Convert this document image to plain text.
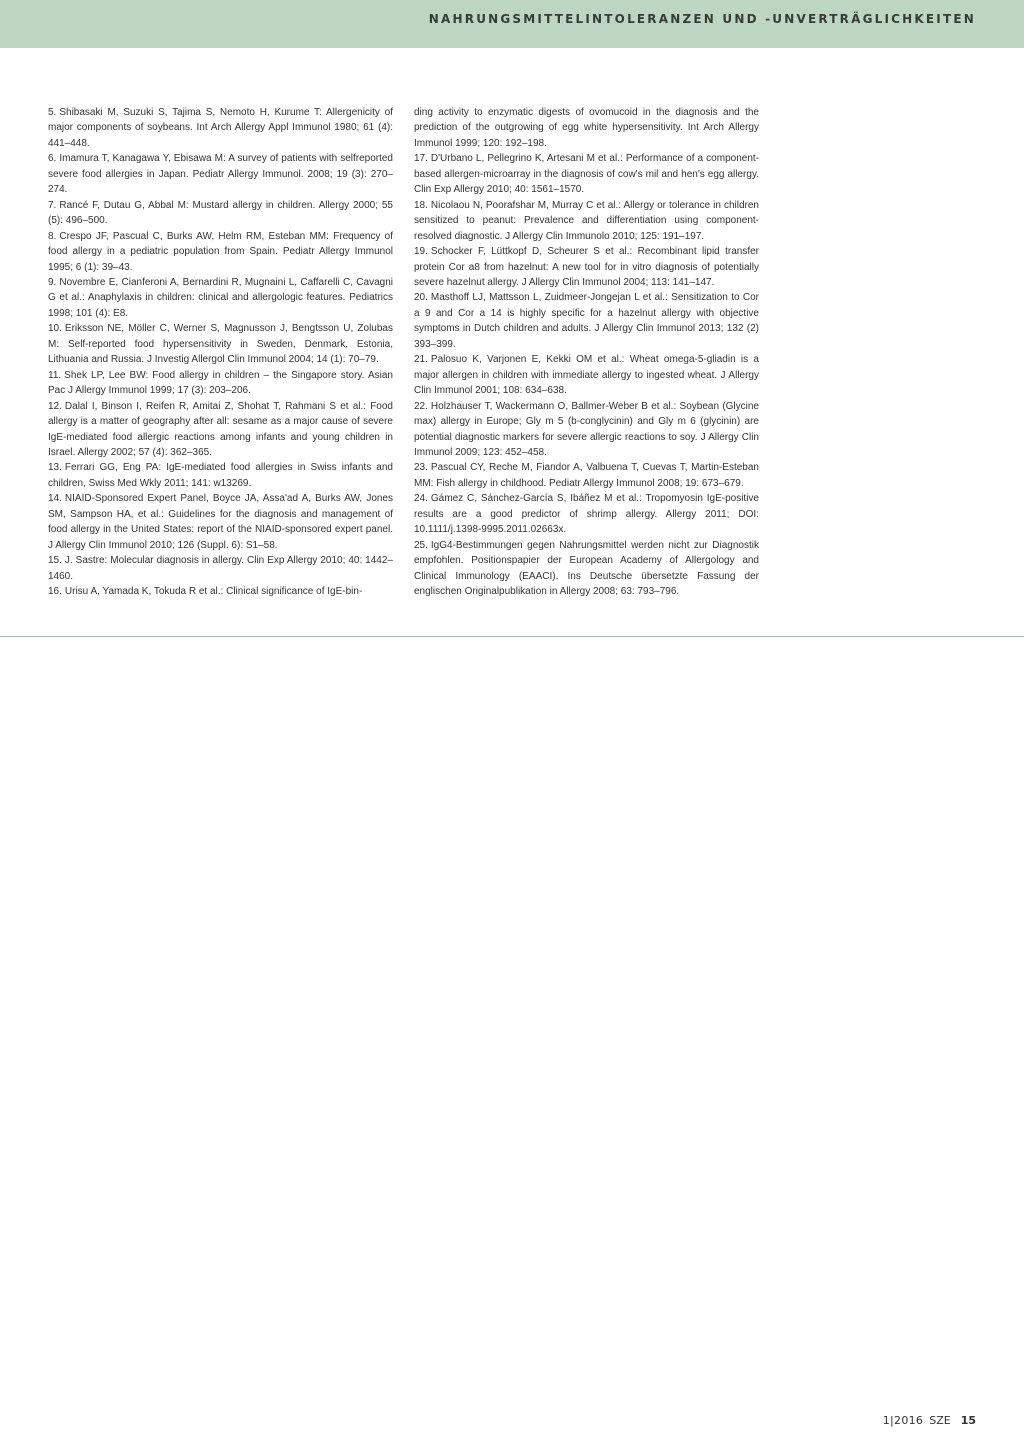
NAHRUNGSMITTELINTOLERANZEN UND -UNVERTRÄGLICHKEITEN

5. Shibasaki M, Suzuki S, Tajima S, Nemoto H, Kurume T: Allergenicity of major components of soybeans. Int Arch Allergy Appl Immunol 1980; 61 (4): 441–448.

6. Imamura T, Kanagawa Y, Ebisawa M: A survey of patients with selfreported severe food allergies in Japan. Pediatr Allergy Immunol. 2008; 19 (3): 270–274.

7. Rancé F, Dutau G, Abbal M: Mustard allergy in children. Allergy 2000; 55 (5): 496–500.

8. Crespo JF, Pascual C, Burks AW, Helm RM, Esteban MM: Frequency of food allergy in a pediatric population from Spain. Pediatr Allergy Immunol 1995; 6 (1): 39–43.

9. Novembre E, Cianferoni A, Bernardini R, Mugnaini L, Caffarelli C, Cavagni G et al.: Anaphylaxis in children: clinical and allergologic features. Pediatrics 1998; 101 (4): E8.

10. Eriksson NE, Möller C, Werner S, Magnusson J, Bengtsson U, Zolubas M: Self-reported food hypersensitivity in Sweden, Denmark, Estonia, Lithuania and Russia. J Investig Allergol Clin Immunol 2004; 14 (1): 70–79.

11. Shek LP, Lee BW: Food allergy in children – the Singapore story. Asian Pac J Allergy Immunol 1999; 17 (3): 203–206.

12. Dalal I, Binson I, Reifen R, Amitai Z, Shohat T, Rahmani S et al.: Food allergy is a matter of geography after all: sesame as a major cause of severe IgE-mediated food allergic reactions among infants and young children in Israel. Allergy 2002; 57 (4): 362–365.

13. Ferrari GG, Eng PA: IgE-mediated food allergies in Swiss infants and children, Swiss Med Wkly 2011; 141: w13269.

14. NIAID-Sponsored Expert Panel, Boyce JA, Assa'ad A, Burks AW, Jones SM, Sampson HA, et al.: Guidelines for the diagnosis and management of food allergy in the United States: report of the NIAID-sponsored expert panel. J Allergy Clin Immunol 2010; 126 (Suppl. 6): S1–58.

15. J. Sastre: Molecular diagnosis in allergy. Clin Exp Allergy 2010; 40: 1442–1460.

16. Urisu A, Yamada K, Tokuda R et al.: Clinical significance of IgE-bin-

ding activity to enzymatic digests of ovomucoid in the diagnosis and the prediction of the outgrowing of egg white hypersensitivity. Int Arch Allergy Immunol 1999; 120: 192–198.

17. D'Urbano L, Pellegrino K, Artesani M et al.: Performance of a component-based allergen-microarray in the diagnosis of cow's mil and hen's egg allergy. Clin Exp Allergy 2010; 40: 1561–1570.

18. Nicolaou N, Poorafshar M, Murray C et al.: Allergy or tolerance in children sensitized to peanut: Prevalence and differentiation using component-resolved diagnostic. J Allergy Clin Immunolo 2010; 125: 191–197.

19. Schocker F, Lüttkopf D, Scheurer S et al.: Recombinant lipid transfer protein Cor a8 from hazelnut: A new tool for in vitro diagnosis of potentially severe hazelnut allergy. J Allergy Clin Immunol 2004; 113: 141–147.

20. Masthoff LJ, Mattsson L, Zuidmeer-Jongejan L et al.: Sensitization to Cor a 9 and Cor a 14 is highly specific for a hazelnut allergy with objective symptoms in Dutch children and adults. J Allergy Clin Immunol 2013; 132 (2) 393–399.

21. Palosuo K, Varjonen E, Kekki OM et al.: Wheat omega-5-gliadin is a major allergen in children with immediate allergy to ingested wheat. J Allergy Clin Immunol 2001; 108: 634–638.

22. Holzhauser T, Wackermann O, Ballmer-Weber B et al.: Soybean (Glycine max) allergy in Europe; Gly m 5 (b-conglycinin) and Gly m 6 (glycinin) are potential diagnostic markers for severe allergic reactions to soy. J Allergy Clin Immunol 2009; 123: 452–458.

23. Pascual CY, Reche M, Fiandor A, Valbuena T, Cuevas T, Martin-Esteban MM: Fish allergy in childhood. Pediatr Allergy Immunol 2008; 19: 673–679.

24. Gámez C, Sánchez-García S, Ibáñez M et al.: Tropomyosin IgE-positive results are a good predictor of shrimp allergy. Allergy 2011; DOI: 10.1111/j.1398-9995.2011.02663x.

25. IgG4-Bestimmungen gegen Nahrungsmittel werden nicht zur Diagnostik empfohlen. Positionspapier der European Academy of Allergology and Clinical Immunology (EAACI). Ins Deutsche übersetzte Fassung der englischen Originalpublikation in Allergy 2008; 63: 793–796.

1|2016 SZE 15
